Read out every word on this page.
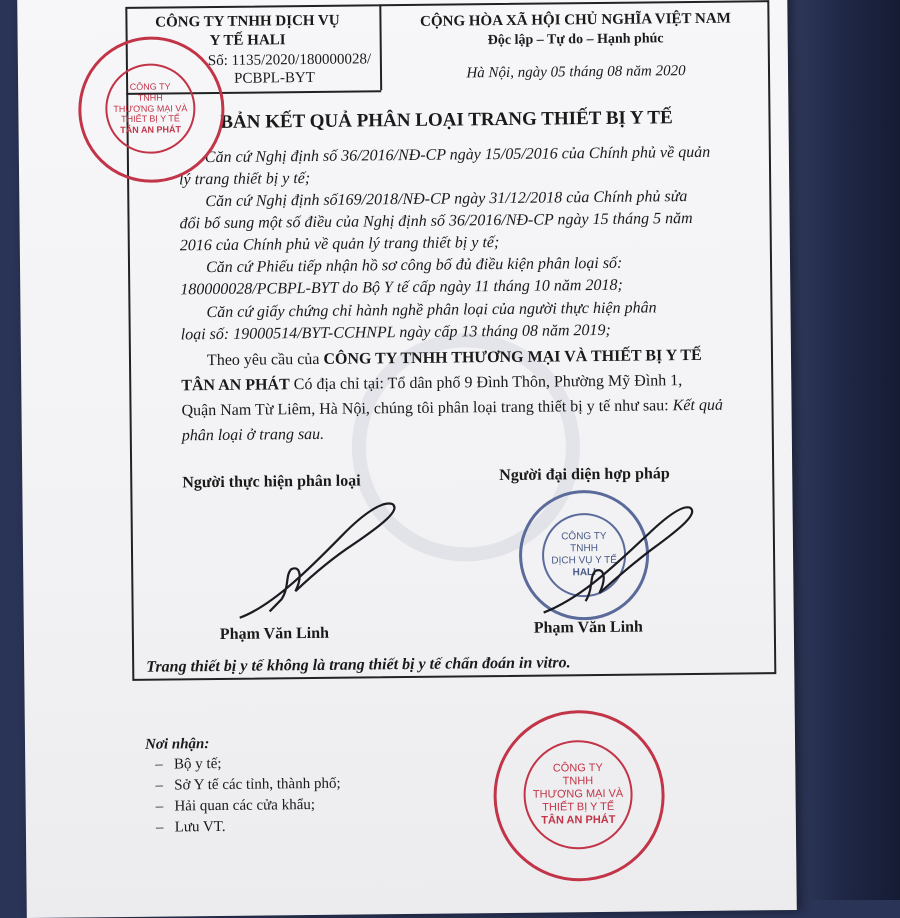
CÔNG TY TNHH DỊCH VỤ
Y TẾ HALI
Số: 1135/2020/180000028/
PCBPL-BYT
CỘNG HÒA XÃ HỘI CHỦ NGHĨA VIỆT NAM
Độc lập – Tự do – Hạnh phúc
Hà Nội, ngày 05 tháng 08 năm 2020
BẢN KẾT QUẢ PHÂN LOẠI TRANG THIẾT BỊ Y TẾ
Căn cứ Nghị định số 36/2016/NĐ-CP ngày 15/05/2016 của Chính phủ về quản
lý trang thiết bị y tế;
Căn cứ Nghị định số169/2018/NĐ-CP ngày 31/12/2018 của Chính phủ sửa
đổi bổ sung một số điều của Nghị định số 36/2016/NĐ-CP ngày 15 tháng 5 năm
2016 của Chính phủ về quản lý trang thiết bị y tế;
Căn cứ Phiếu tiếp nhận hồ sơ công bố đủ điều kiện phân loại số:
180000028/PCBPL-BYT do Bộ Y tế cấp ngày 11 tháng 10 năm 2018;
Căn cứ giấy chứng chỉ hành nghề phân loại của người thực hiện phân
loại số: 19000514/BYT-CCHNPL ngày cấp 13 tháng 08 năm 2019;
Theo yêu cầu của CÔNG TY TNHH THƯƠNG MẠI VÀ THIẾT BỊ Y TẾ
TÂN AN PHÁT Có địa chỉ tại: Tổ dân phố 9 Đình Thôn, Phường Mỹ Đình 1,
Quận Nam Từ Liêm, Hà Nội, chúng tôi phân loại trang thiết bị y tế như sau: Kết quả
phân loại ở trang sau.
Người thực hiện phân loại	Người đại diện hợp pháp
CÔNG TY
TNHH
DỊCH VỤ Y TẾ
HALI
Phạm Văn Linh	Phạm Văn Linh
Trang thiết bị y tế không là trang thiết bị y tế chẩn đoán in vitro.
Nơi nhận:
–   Bộ y tế;
–   Sở Y tế các tỉnh, thành phố;
–   Hải quan các cửa khẩu;
–   Lưu VT.
CÔNG TY
TNHH
THƯƠNG MẠI VÀ
THIẾT BỊ Y TẾ
TÂN AN PHÁT
CÔNG TY
TNHH
THƯƠNG MẠI VÀ
THIẾT BỊ Y TẾ
TÂN AN PHÁT
